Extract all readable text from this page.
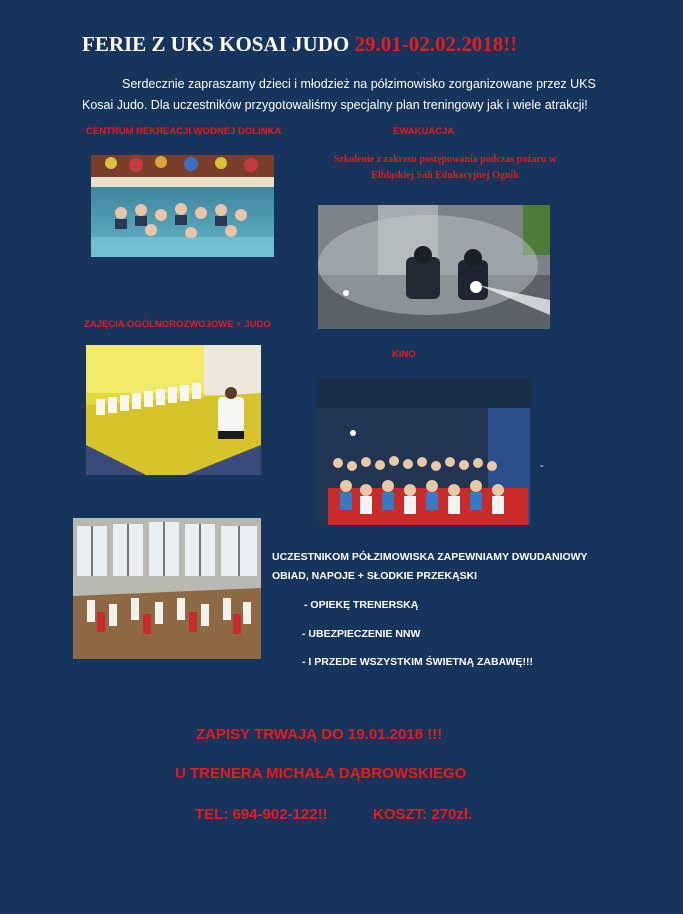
FERIE Z UKS KOSAI JUDO 29.01-02.02.2018!!
Serdecznie zapraszamy dzieci i młodzież na półzimowisko zorganizowane przez UKS
Kosai Judo. Dla uczestników przygotowaliśmy specjalny plan treningowy jak i wiele atrakcji!
CENTRUM REKREACJI WODNEJ DOLINKA	EWAKUACJA
Szkolenie z zakresu postępowania podczas pożaru w
Elbląskiej Sali Edukacyjnej Ognik
ZAJĘCIA OGÓLNOROZWOJOWE + JUDO
KINO
-
UCZESTNIKOM PÓŁZIMOWISKA ZAPEWNIAMY DWUDANIOWY
OBIAD, NAPOJE + SŁODKIE PRZEKĄSKI
- OPIEKĘ TRENERSKĄ
- UBEZPIECZENIE NNW
- I PRZEDE WSZYSTKIM ŚWIETNĄ ZABAWĘ!!!
ZAPISY TRWAJĄ DO 19.01.2018 !!!
U TRENERA MICHAŁA DĄBROWSKIEGO
TEL: 694-902-122!!	KOSZT: 270zł.
